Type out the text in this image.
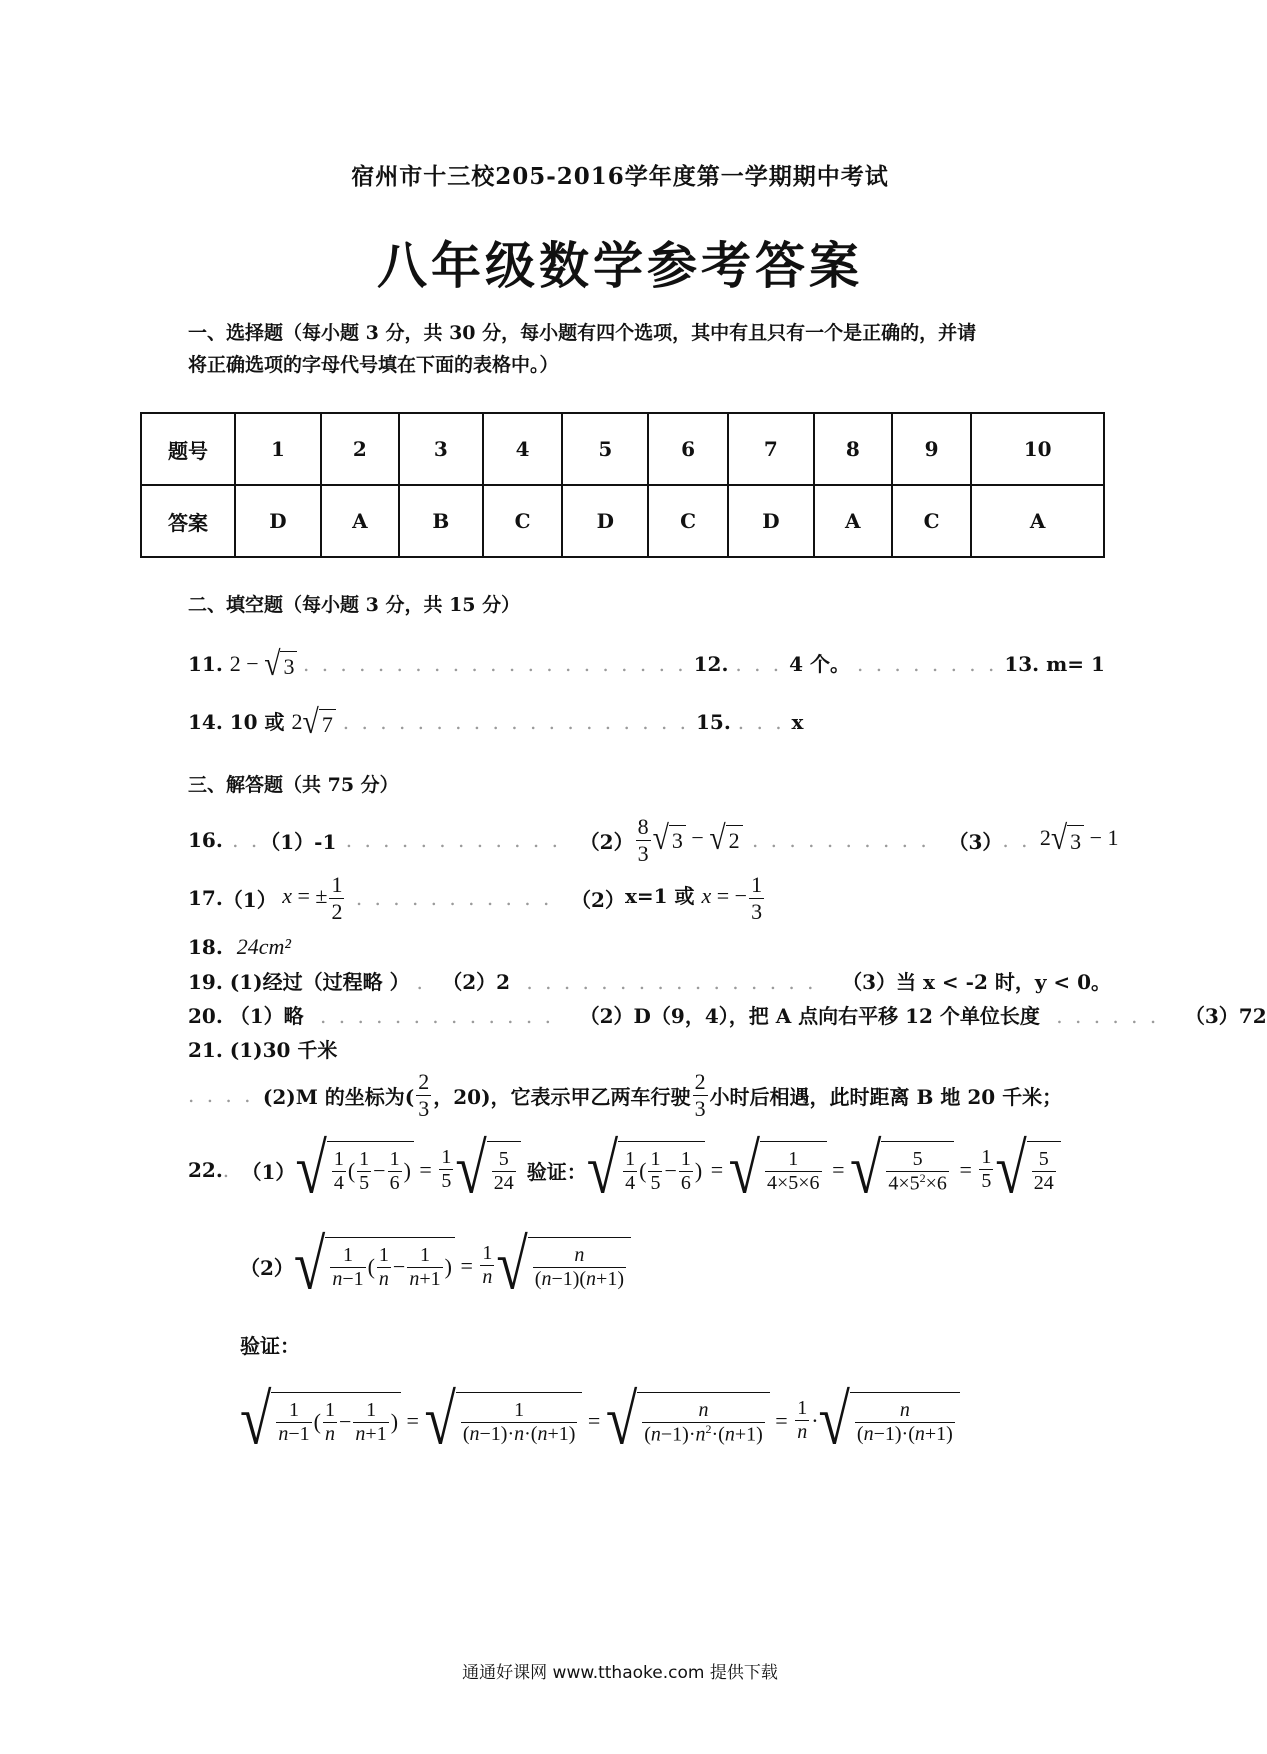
宿州市十三校205-2016学年度第一学期期中考试
八年级数学参考答案
一、选择题（每小题 3 分，共 30 分，每小题有四个选项，其中有且只有一个是正确的，并请
将正确选项的字母代号填在下面的表格中。）
题号	1	2	3	4	5	6	7	8	9	10
答案	D	A	B	C	D	C	D	A	C	A
二、填空题（每小题 3 分，共 15 分）
11. 2 − √ 3 . . . . . . . . . . . . . . . . . . . . . 12. . . . 4 个。 . . . . . . . . 13. m= 1
14. 10 或 2 √ 7 . . . . . . . . . . . . . . . . . . . 15. . . . x
三、解答题（共 75 分）
16. . . （1）-1 . . . . . . . . . . . . $(2) \frac{8}{3}$ √ 3 − √ 2 . . . . . . . . . . （3） . . 2 √ 3 − 1
17. （1） x = ± $\frac{1}{2}$ . . . . . . . . . . . （2） x=1 或 x = − $\frac{1}{3}$
18. 24cm²
19. (1)经过（过程略 ） .  （2）2  . . . . . . . . . . . . . . . .   （3）当 x < -2 时，y < 0。
20. （1）略  . . . . . . . . . . . . .   （2）D（9，4），把 A 点向右平移 12 个单位长度  . . . . . .   （3）72
21. (1)30 千米
. . . . (2)M 的坐标为( $\frac{2}{3}$ ，20)，它表示甲乙两车行驶 $\frac{2}{3}$ 小时后相遇，此时距离 B 地 20 千米；
22. . （1） √ $\frac{1}{4}$ ( $\frac{1}{5} - \frac{1}{6}$ ) = $\frac{1}{5}$ √ $\frac{5}{24}$ 验证： √ $\frac{1}{4}$ ( $\frac{1}{5} - \frac{1}{6}$ ) = √ $\frac{1}{4\times 5\times 6}$ = √ $\frac{5}{4\times 5^2\times 6} = \frac{1}{5}$ √ $\frac{5}{24}$
（2） √ $\frac{1}{n-1}$ ( $\frac{1}{n} - \frac{1}{n+1}$ ) = $\frac{1}{n}$ √ $\frac{n}{(n-1)(n+1)}$
验证：
√ $\frac{1}{n-1}$ ( $\frac{1}{n} - \frac{1}{n+1}$ ) = √ $\frac{1}{(n-1)\cdot n\cdot(n+1)}$ = √ $\frac{n}{(n-1)\cdot n^2\cdot(n+1)} = \frac{1}{n}$ · √ $\frac{n}{(n-1)\cdot(n+1)}$
通通好课网 www.tthaoke.com 提供下载
